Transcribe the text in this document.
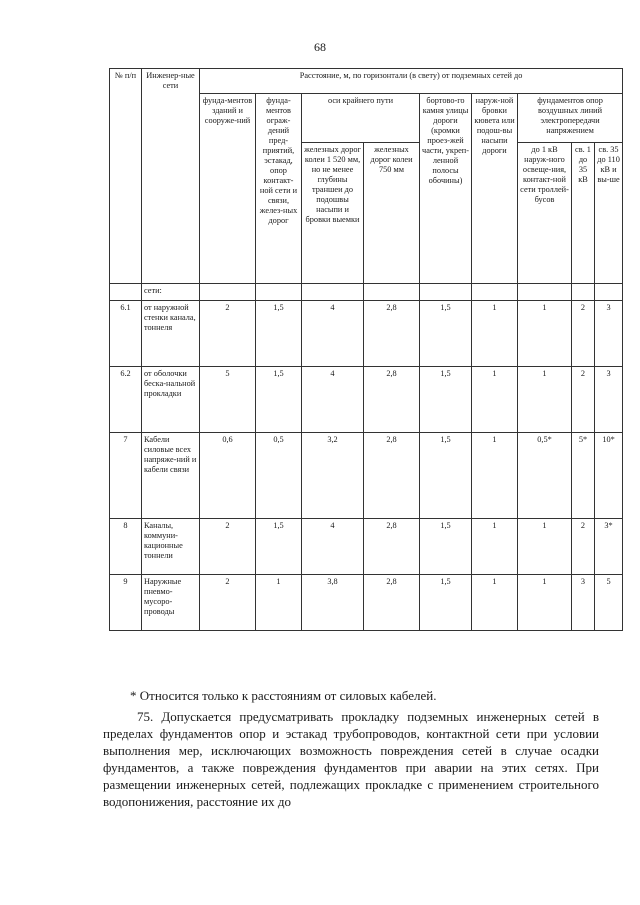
68
№ п/п	Инженер-ные сети	Расстояние, м, по горизонтали (в свету) от подземных сетей до								
		фунда-ментов зданий и сооруже-ний	фунда-ментов ограж-дений пред-приятий, эстакад, опор контакт-ной сети и связи, желез-ных дорог	оси крайнего пути		бортово-го камня улицы дороги (кромки проез-жей части, укреп-ленной полосы обочины)	наруж-ной бровки кювета или подош-вы насыпи дороги	фундаментов опор воздушных линий электропередачи напряжением		
				железных дорог колеи 1 520 мм, но не менее глубины траншеи до подошвы насыпи и бровки выемки	железных дорог колеи 750 мм			до 1 кВ наруж-ного освеще-ния, контакт-ной сети троллей-бусов	св. 1 до 35 кВ	св. 35 до 110 кВ и вы-ше
	сети:									
6.1	от наружной стенки канала, тоннеля	2	1,5	4	2,8	1,5	1	1	2	3
6.2	от оболочки беска-нальной прокладки	5	1,5	4	2,8	1,5	1	1	2	3
7	Кабели силовые всех напряже-ний и кабели связи	0,6	0,5	3,2	2,8	1,5	1	0,5*	5*	10*
8	Каналы, коммуни-кационные тоннели	2	1,5	4	2,8	1,5	1	1	2	3*
9	Наружные пневмо-мусоро-проводы	2	1	3,8	2,8	1,5	1	1	3	5
* Относится только к расстояниям от силовых кабелей.

75. Допускается предусматривать прокладку подземных инженерных сетей в пределах фундаментов опор и эстакад трубопроводов, контактной сети при условии выполнения мер, исключающих возможность повреждения сетей в случае осадки фундаментов, а также повреждения фундаментов при аварии на этих сетях. При размещении инженерных сетей, подлежащих прокладке с применением строительного водопонижения, расстояние их до
